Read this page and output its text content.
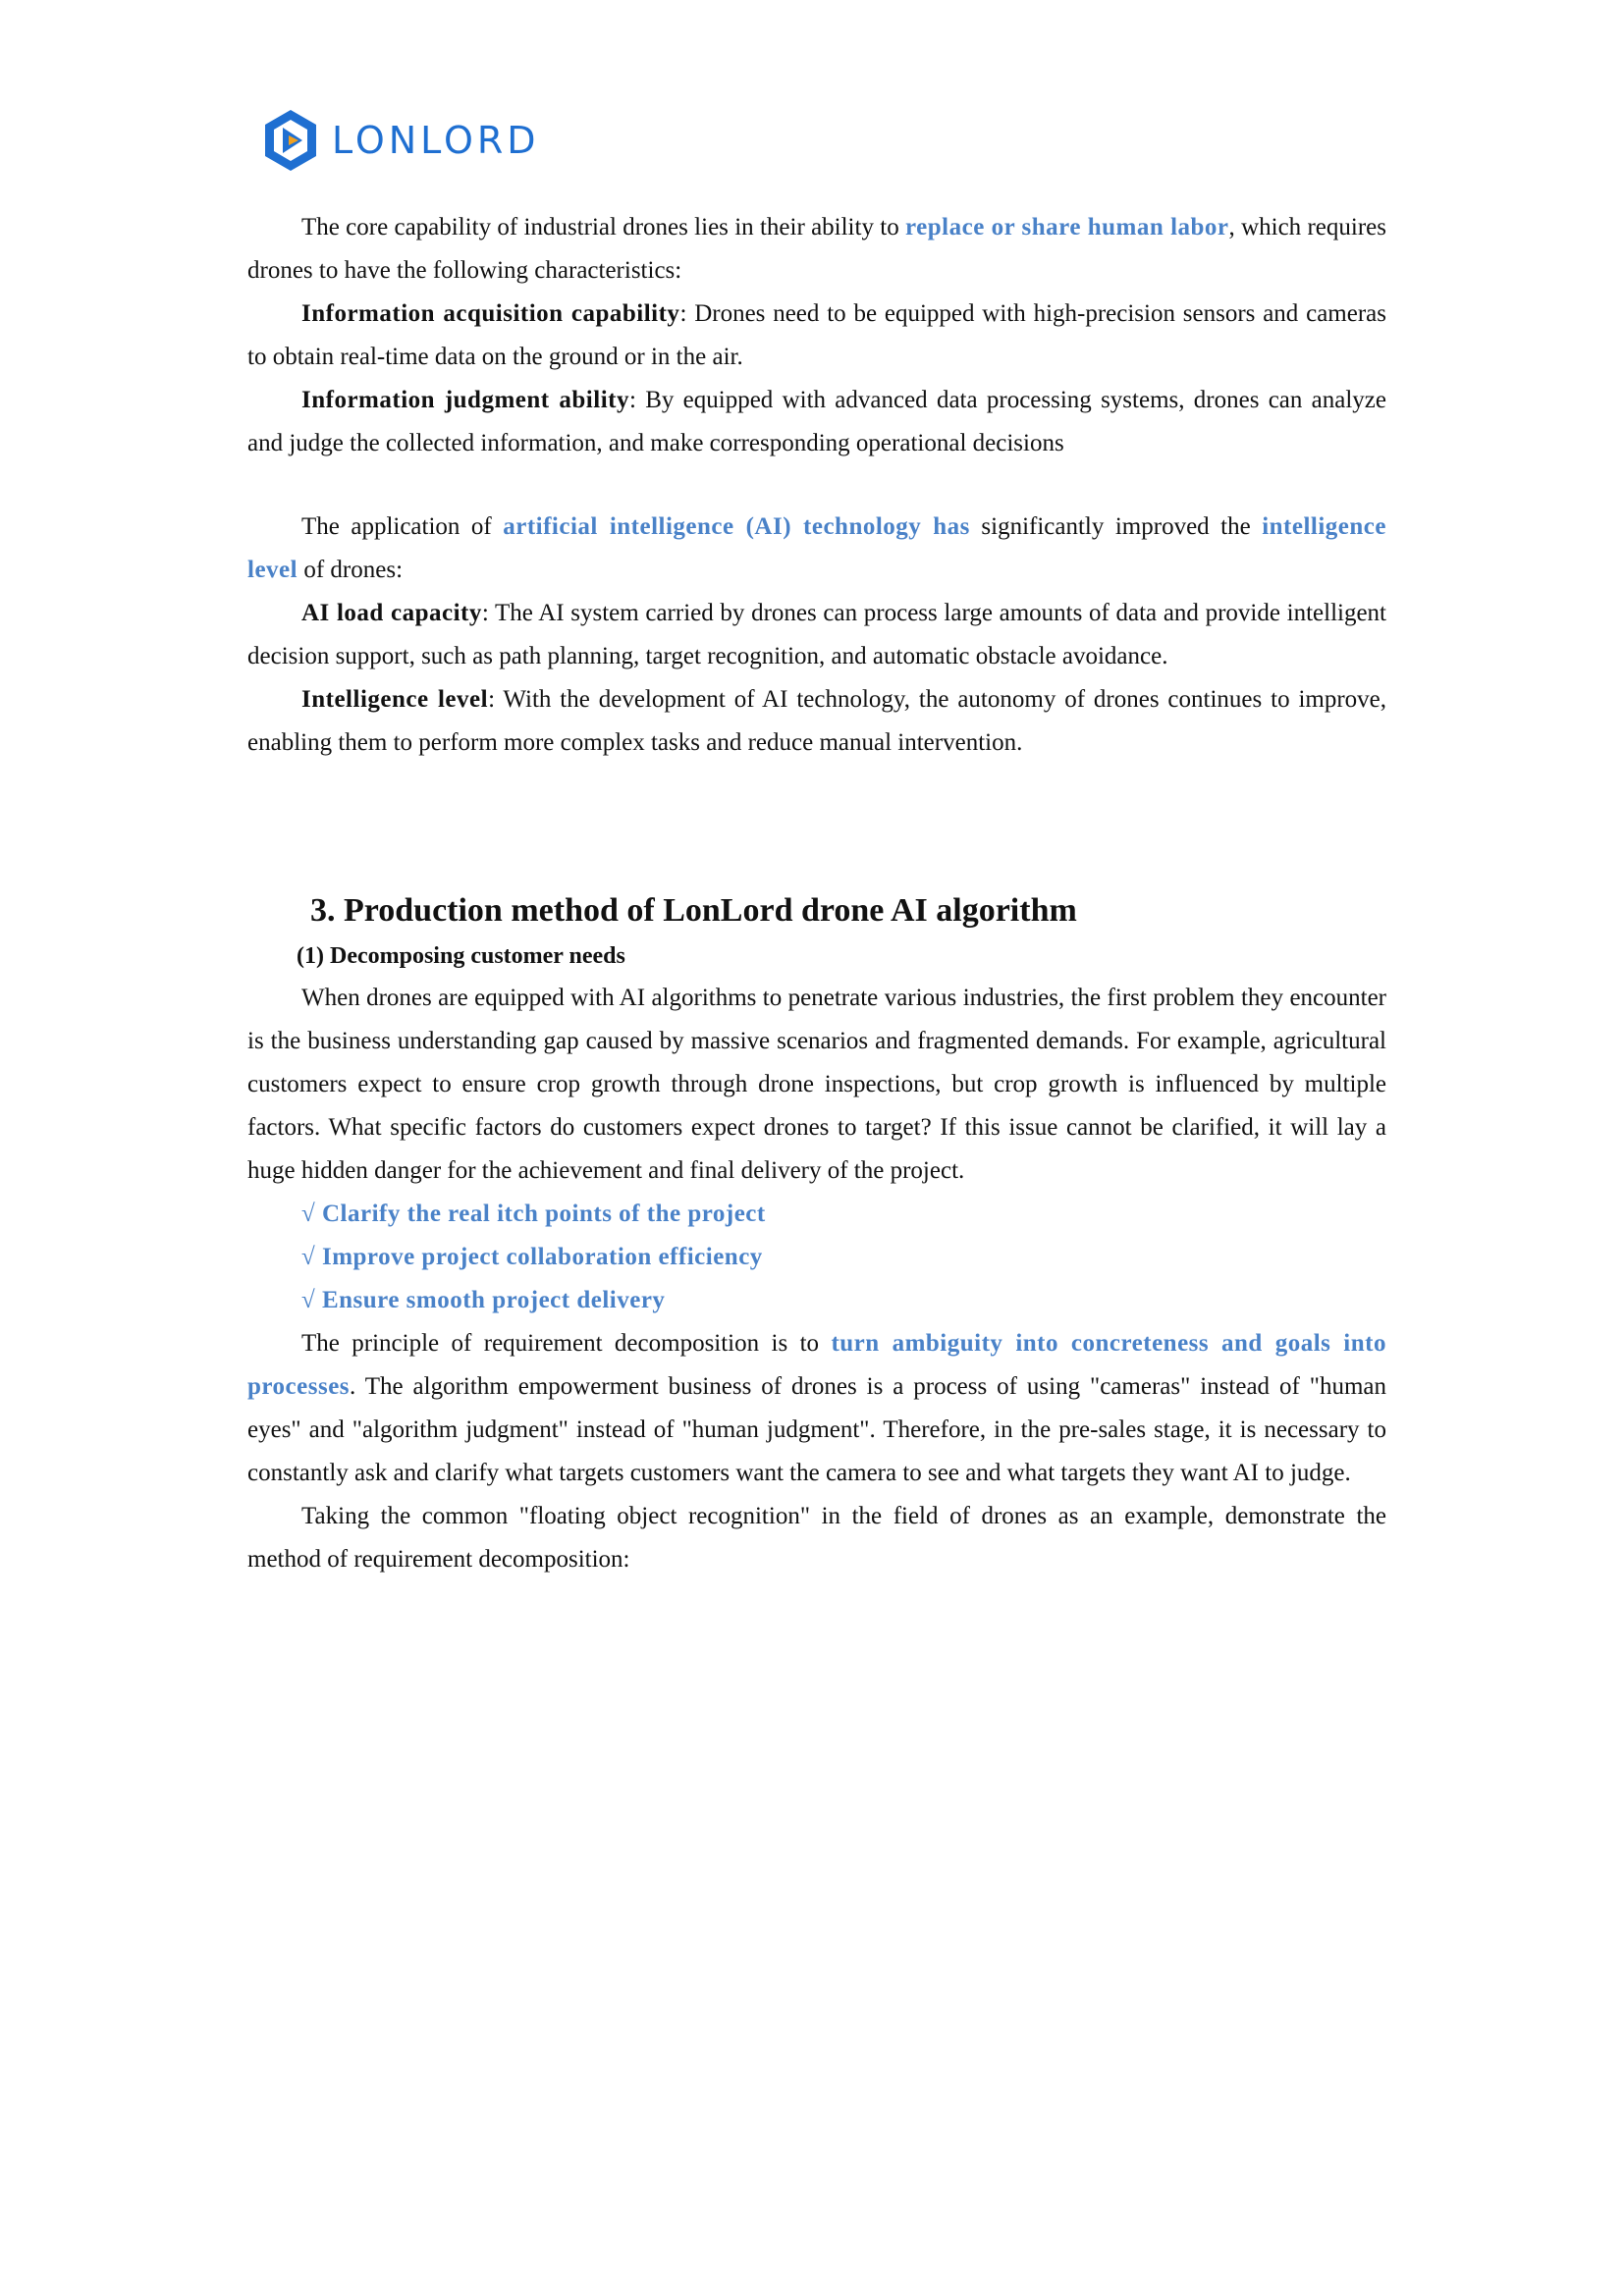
LONLORD

The core capability of industrial drones lies in their ability to replace or share human labor, which requires drones to have the following characteristics:

Information acquisition capability: Drones need to be equipped with high-precision sensors and cameras to obtain real-time data on the ground or in the air.

Information judgment ability: By equipped with advanced data processing systems, drones can analyze and judge the collected information, and make corresponding operational decisions

The application of artificial intelligence (AI) technology has significantly improved the intelligence level of drones:

AI load capacity: The AI system carried by drones can process large amounts of data and provide intelligent decision support, such as path planning, target recognition, and automatic obstacle avoidance.

Intelligence level: With the development of AI technology, the autonomy of drones continues to improve, enabling them to perform more complex tasks and reduce manual intervention.

3. Production method of LonLord drone AI algorithm
(1) Decomposing customer needs

When drones are equipped with AI algorithms to penetrate various industries, the first problem they encounter is the business understanding gap caused by massive scenarios and fragmented demands. For example, agricultural customers expect to ensure crop growth through drone inspections, but crop growth is influenced by multiple factors. What specific factors do customers expect drones to target? If this issue cannot be clarified, it will lay a huge hidden danger for the achievement and final delivery of the project.

√ Clarify the real itch points of the project
√ Improve project collaboration efficiency
√ Ensure smooth project delivery

The principle of requirement decomposition is to turn ambiguity into concreteness and goals into processes. The algorithm empowerment business of drones is a process of using "cameras" instead of "human eyes" and "algorithm judgment" instead of "human judgment". Therefore, in the pre-sales stage, it is necessary to constantly ask and clarify what targets customers want the camera to see and what targets they want AI to judge.

Taking the common "floating object recognition" in the field of drones as an example, demonstrate the method of requirement decomposition:
